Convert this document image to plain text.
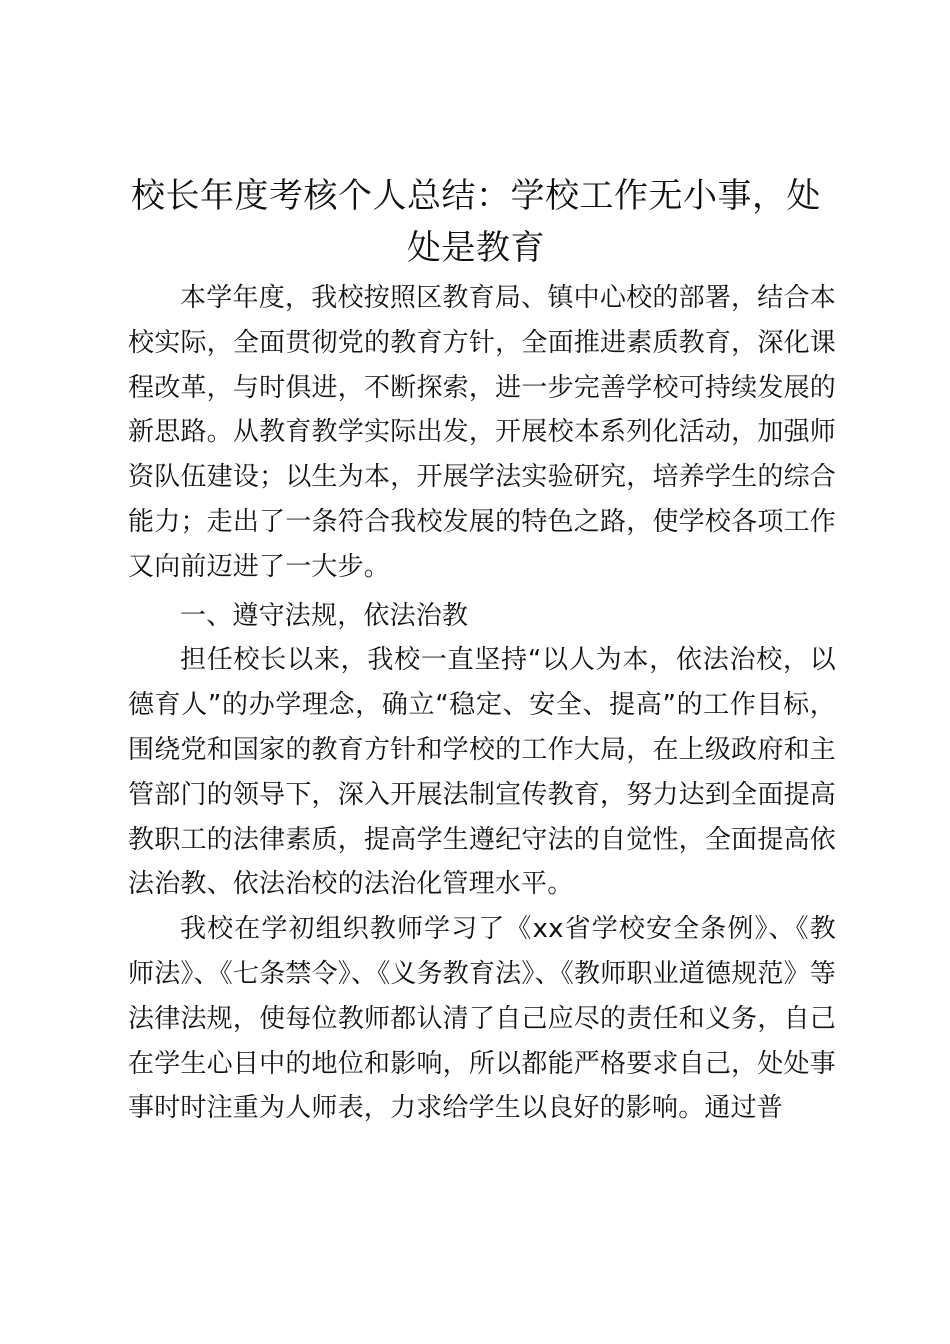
校长年度考核个人总结：学校工作无小事，处处是教育

本学年度，我校按照区教育局、镇中心校的部署，结合本校实际，全面贯彻党的教育方针，全面推进素质教育，深化课程改革，与时俱进，不断探索，进一步完善学校可持续发展的新思路。从教育教学实际出发，开展校本系列化活动，加强师资队伍建设；以生为本，开展学法实验研究，培养学生的综合能力；走出了一条符合我校发展的特色之路，使学校各项工作又向前迈进了一大步。

一、遵守法规，依法治教

担任校长以来，我校一直坚持“以人为本，依法治校，以德育人”的办学理念，确立“稳定、安全、提高”的工作目标，围绕党和国家的教育方针和学校的工作大局，在上级政府和主管部门的领导下，深入开展法制宣传教育，努力达到全面提高教职工的法律素质，提高学生遵纪守法的自觉性，全面提高依法治教、依法治校的法治化管理水平。

我校在学初组织教师学习了《xx省学校安全条例》、《教师法》、《七条禁令》、《义务教育法》、《教师职业道德规范》等法律法规，使每位教师都认清了自己应尽的责任和义务，自己在学生心目中的地位和影响，所以都能严格要求自己，处处事事时时注重为人师表，力求给学生以良好的影响。通过普
